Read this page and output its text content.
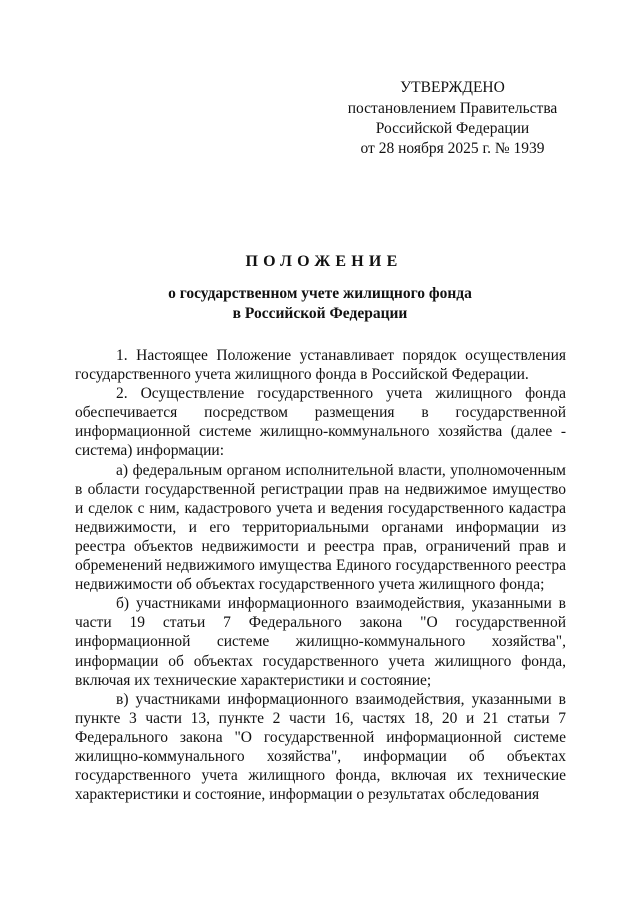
УТВЕРЖДЕНО
постановлением Правительства
Российской Федерации
от 28 ноября 2025 г. № 1939
ПОЛОЖЕНИЕ
о государственном учете жилищного фонда
в Российской Федерации

1. Настоящее Положение устанавливает порядок осуществления государственного учета жилищного фонда в Российской Федерации.

2. Осуществление государственного учета жилищного фонда обеспечивается посредством размещения в государственной информационной системе жилищно-коммунального хозяйства (далее - система) информации:

а) федеральным органом исполнительной власти, уполномоченным в области государственной регистрации прав на недвижимое имущество и сделок с ним, кадастрового учета и ведения государственного кадастра недвижимости, и его территориальными органами информации из реестра объектов недвижимости и реестра прав, ограничений прав и обременений недвижимого имущества Единого государственного реестра недвижимости об объектах государственного учета жилищного фонда;

б) участниками информационного взаимодействия, указанными в части 19 статьи 7 Федерального закона "О государственной информационной системе жилищно-коммунального хозяйства", информации об объектах государственного учета жилищного фонда, включая их технические характеристики и состояние;

в) участниками информационного взаимодействия, указанными в пункте 3 части 13, пункте 2 части 16, частях 18, 20 и 21 статьи 7 Федерального закона "О государственной информационной системе жилищно-коммунального хозяйства", информации об объектах государственного учета жилищного фонда, включая их технические характеристики и состояние, информации о результатах обследования
